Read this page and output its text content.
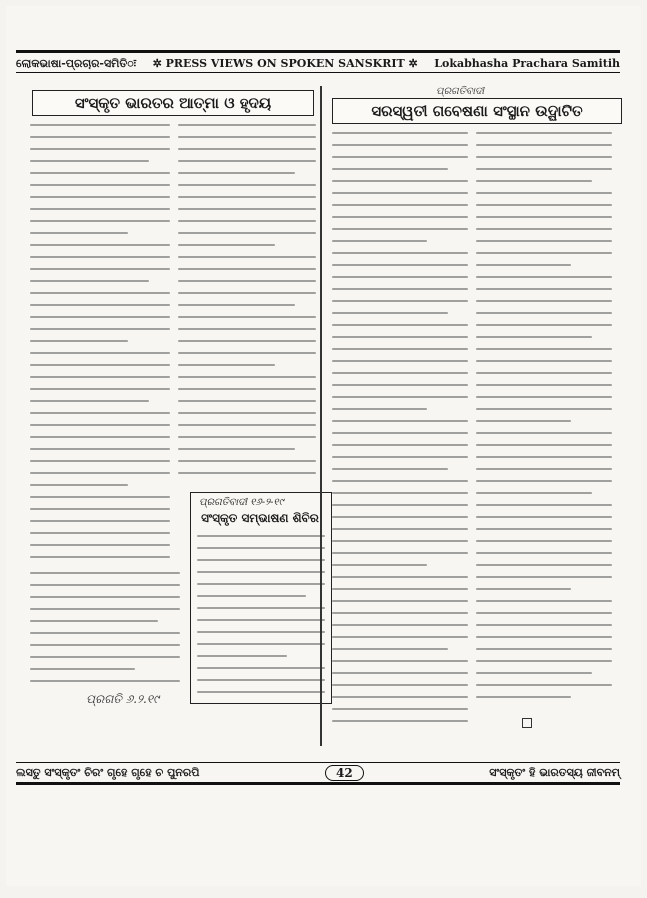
ଲୋକଭାଷା-ପ୍ରଚାର-ସମିତିः ✲ PRESS VIEWS ON SPOKEN SANSKRIT ✲ Lokabhasha Prachara Samitih
ସଂସ୍କୃତ ଭାରତର ଆତ୍ମା ଓ ହୃଦୟ
ପ୍ରଗତି ୬.୨.୧୯
ପ୍ରଗତିବାଦୀ ୧୬-୨-୧୯
ସଂସ୍କୃତ ସମ୍ଭାଷଣ ଶିବିର
ପ୍ରଗତିବାଦୀ
ସରସ୍ୱତୀ ଗବେଷଣା ସଂସ୍ଥାନ ଉଦ୍ଘାଟିତ
ଲସତୁ ସଂସ୍କୃତଂ ଚିରଂ ଗୃହେ ଗୃହେ ଚ ପୁନରପି	42	ସଂସ୍କୃତଂ ହି ଭାରତସ୍ୟ ଜୀବନମ୍
